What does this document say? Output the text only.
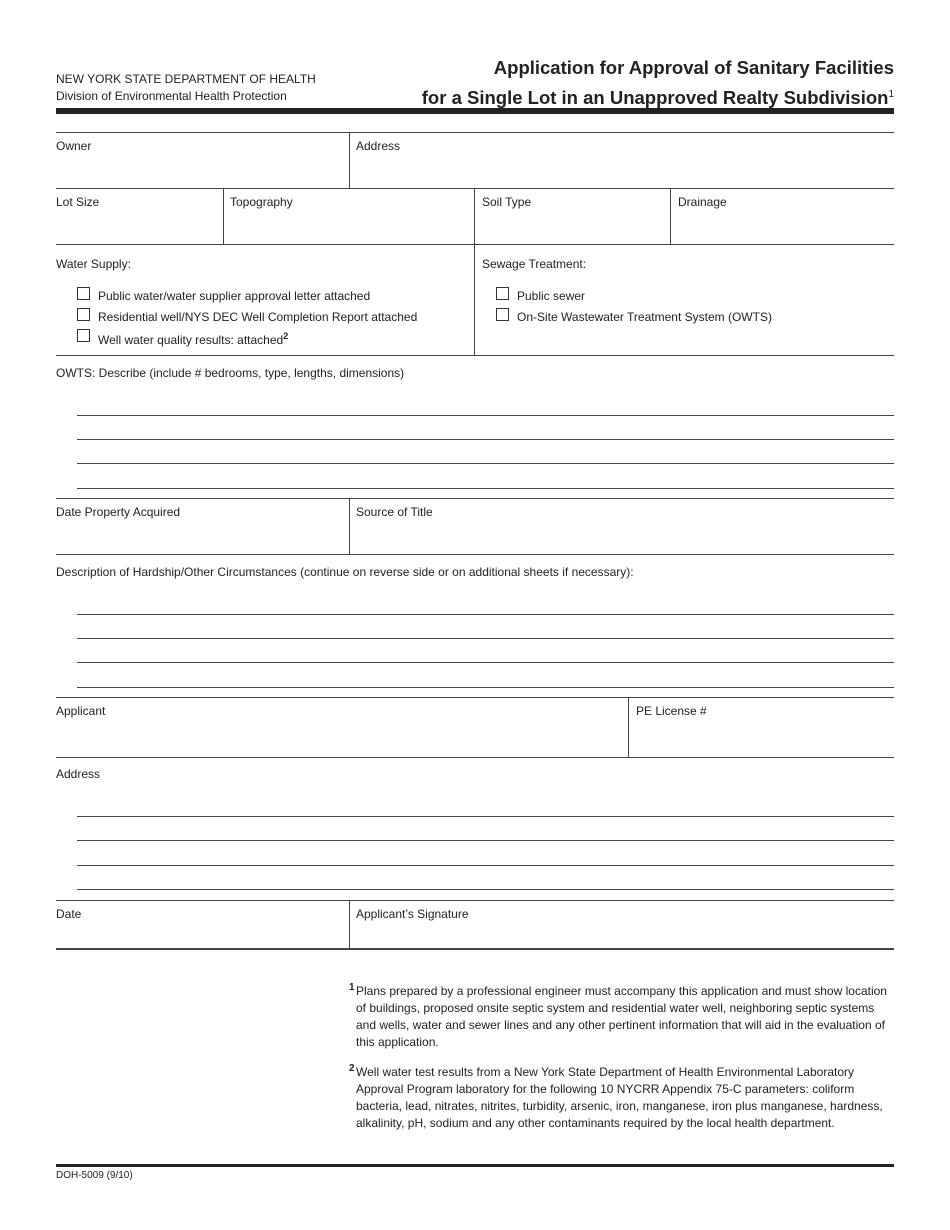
NEW YORK STATE DEPARTMENT OF HEALTH
Division of Environmental Health Protection
Application for Approval of Sanitary Facilities
for a Single Lot in an Unapproved Realty Subdivision$^1$
Owner	Address
Lot Size	Topography	Soil Type	Drainage
Water Supply:
Public water/water supplier approval letter attached
Residential well/NYS DEC Well Completion Report attached
Well water quality results: attached$^2$
Sewage Treatment:
Public sewer
On-Site Wastewater Treatment System (OWTS)
OWTS: Describe (include # bedrooms, type, lengths, dimensions)
Date Property Acquired	Source of Title
Description of Hardship/Other Circumstances (continue on reverse side or on additional sheets if necessary):
Applicant	PE License #
Address
Date	Applicant’s Signature
1 Plans prepared by a professional engineer must accompany this application and must show location of buildings, proposed onsite septic system and residential water well, neighboring septic systems and wells, water and sewer lines and any other pertinent information that will aid in the evaluation of this application.
2 Well water test results from a New York State Department of Health Environmental Laboratory Approval Program laboratory for the following 10 NYCRR Appendix 75-C parameters: coliform bacteria, lead, nitrates, nitrites, turbidity, arsenic, iron, manganese, iron plus manganese, hardness, alkalinity, pH, sodium and any other contaminants required by the local health department.
DOH-5009 (9/10)
